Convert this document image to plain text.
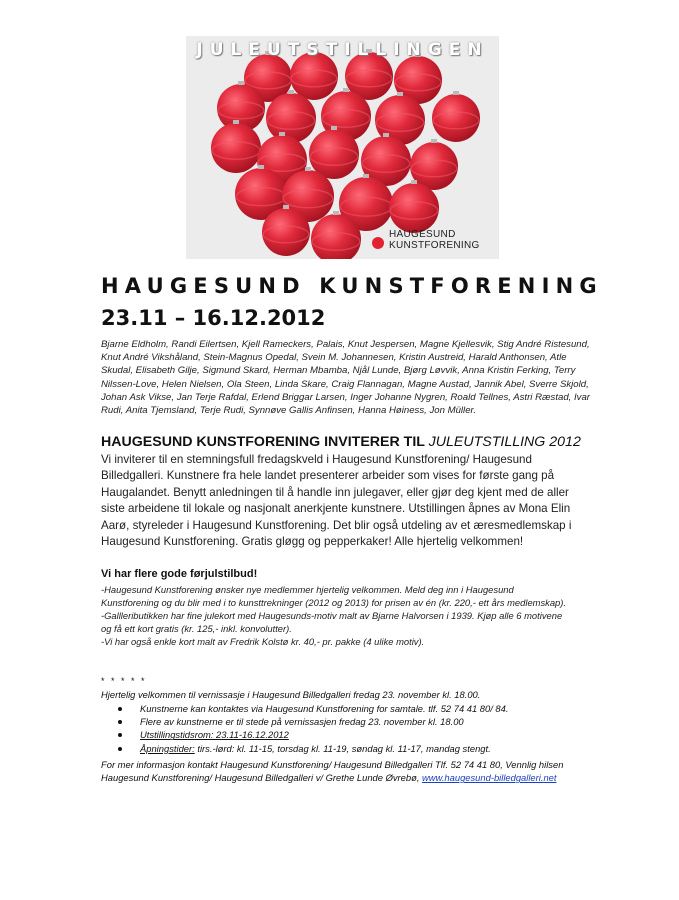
JULEUTSTILLINGEN
HAUGESUND
KUNSTFORENING
HAUGESUND KUNSTFORENING
23.11 – 16.12.2012
Bjarne Eldholm, Randi Eilertsen, Kjell Rameckers, Palais, Knut Jespersen, Magne Kjellesvik, Stig André Ristesund, Knut André Vikshåland, Stein-Magnus Opedal, Svein M. Johannesen, Kristin Austreid, Harald Anthonsen, Atle Skudal, Elisabeth Gilje, Sigmund Skard, Herman Mbamba, Njål Lunde, Bjørg Løvvik, Anna Kristin Ferking, Terry Nilssen-Love, Helen Nielsen, Ola Steen, Linda Skare, Craig Flannagan, Magne Austad, Jannik Abel, Sverre Skjold, Johan Ask Vikse, Jan Terje Rafdal, Erlend Briggar Larsen, Inger Johanne Nygren, Roald Tellnes, Astri Ræstad, Ivar Rudi, Anita Tjemsland, Terje Rudi, Synnøve Gallis Anfinsen, Hanna Høiness, Jon Müller.
HAUGESUND KUNSTFORENING INVITERER TIL JULEUTSTILLING 2012
Vi inviterer til en stemningsfull fredagskveld i Haugesund Kunstforening/ Haugesund Billedgalleri. Kunstnere fra hele landet presenterer arbeider som vises for første gang på Haugalandet. Benytt anledningen til å handle inn julegaver, eller gjør deg kjent med de aller siste arbeidene til lokale og nasjonalt anerkjente kunstnere. Utstillingen åpnes av Mona Elin Aarø, styreleder i Haugesund Kunstforening. Det blir også utdeling av et æresmedlemskap i Haugesund Kunstforening. Gratis gløgg og pepperkaker! Alle hjertelig velkommen!
Vi har flere gode førjulstilbud!

-Haugesund Kunstforening ønsker nye medlemmer hjertelig velkommen. Meld deg inn i Haugesund Kunstforening og du blir med i to kunsttrekninger (2012 og 2013) for prisen av én (kr. 220,- ett års medlemskap).

-Gallleributikken har fine julekort med Haugesunds-motiv malt av Bjarne Halvorsen i 1939. Kjøp alle 6 motivene og få ett kort gratis (kr. 125,- inkl. konvolutter).

-Vi har også enkle kort malt av Fredrik Kolstø kr. 40,- pr. pakke (4 ulike motiv).

* * * * *
Hjertelig velkommen til vernissasje i Haugesund Billedgalleri fredag 23. november kl. 18.00.
Kunstnerne kan kontaktes via Haugesund Kunstforening for samtale. tlf. 52 74 41 80/ 84.
Flere av kunstnerne er til stede på vernissasjen fredag 23. november kl. 18.00
Utstillingstidsrom: 23.11-16.12.2012
Åpningstider: tirs.-lørd: kl. 11-15, torsdag kl. 11-19, søndag kl. 11-17, mandag stengt.
For mer informasjon kontakt Haugesund Kunstforening/ Haugesund Billedgalleri Tlf. 52 74 41 80, Vennlig hilsen Haugesund Kunstforening/ Haugesund Billedgalleri v/ Grethe Lunde Øvrebø, www.haugesund-billedgalleri.net
